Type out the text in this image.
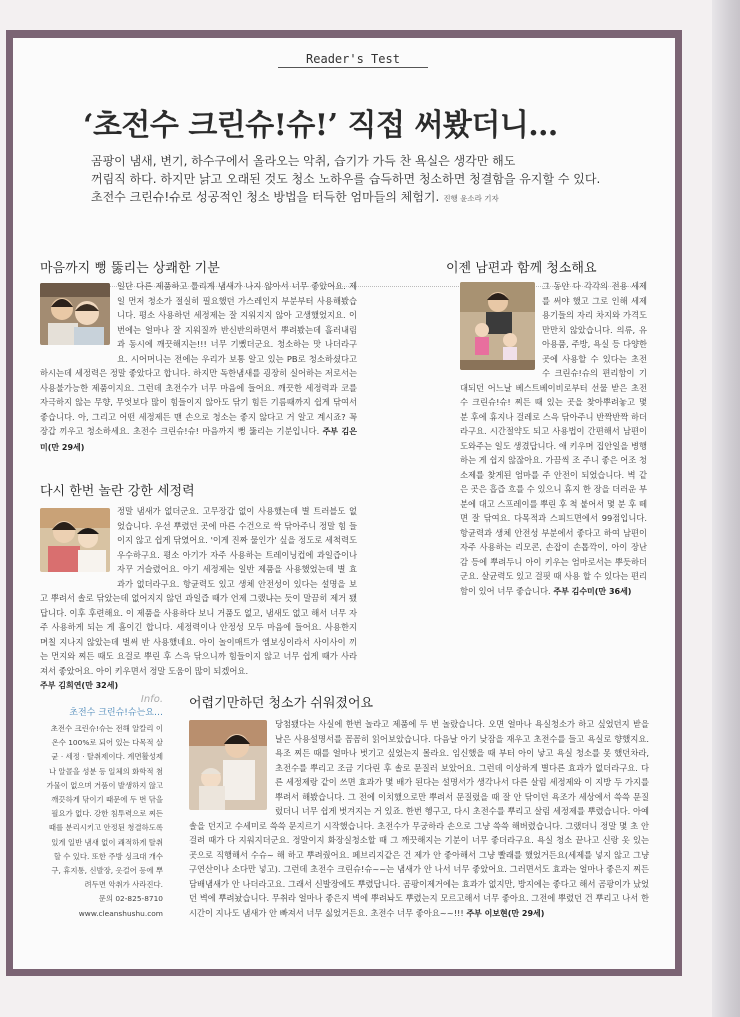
Reader's Test
‘초전수 크린슈!슈!’ 직접 써봤더니…
곰팡이 냄새, 변기, 하수구에서 올라오는 악취, 습기가 가득 찬 욕실은 생각만 해도
꺼림직 하다. 하지만 낡고 오래된 것도 청소 노하우를 습득하면 청소하면 청결함을 유지할 수 있다.
초전수 크린슈!슈로 성공적인 청소 방법을 터득한 엄마들의 체험기. 진행 윤소라 기자
마음까지 뻥 뚫리는 상쾌한 기분
일단 다른 제품하고 틀리게 냄새가 나지 않아서 너무 좋았어요. 제일 먼저 청소가 절실히 필요했던 가스레인지 부분부터 사용해봤습니다. 평소 사용하던 세정제는 잘 지워지지 않아 고생했었지요. 이번에는 얼마나 잘 지워질까 반신반의하면서 뿌려봤는데 흘러내림과 동시에 깨끗해지는!!! 너무 기뻤더군요. 청소하는 맛 나더라구요. 시어머니는 전에는 우리가 보통 알고 있는 PB로 청소하셨다고 하시는데 세정력은 정말 좋았다고 합니다. 하지만 독한냄새를 굉장히 실어하는 저로서는 사용불가능한 제품이지요. 그런데 초전수가 너무 마음에 들어요. 깨끗한 세정력과 코를 자극하지 않는 무향, 무엇보다 많이 힘들이지 않아도 닦기 힘든 기름때까지 쉽게 닦여서 좋습니다. 아, 그리고 어떤 세정제든 맨 손으로 청소는 좋지 않다고 거 알고 계시죠? 꼭 장갑 끼우고 청소하세요. 초전수 크린슈!슈! 마음까지 뻥 뚫리는 기분입니다. 주부 김은미(만 29세)
다시 한번 놀란 강한 세정력
정말 냄새가 없더군요. 고무장갑 없이 사용했는데 별 트러블도 없었습니다. 우선 뿌렸던 곳에 마른 수건으로 싹 닦아주니 정말 힘 들이지 않고 쉽게 닦였어요. '이게 진짜 물인가' 싶을 정도로 세척력도 우수하구요. 평소 아기가 자주 사용하는 트레이닝컵에 과일즙이나 자꾸 거슬렸어요. 아기 세정제는 일반 제품을 사용했었는데 별 효과가 없더라구요. 항균력도 있고 생체 안전성이 있다는 설명을 보고 뿌려서 솔로 닦았는데 없어지지 않던 과일즙 때가 언제 그랬냐는 듯이 말끔히 제거 됐답니다. 이후 후련해요. 이 제품을 사용하다 보니 거품도 없고, 냄새도 없고 해서 너무 자주 사용하게 되는 게 흠이긴 합니다. 세정력이나 안정성 모두 마음에 들어요. 사용한지 며칠 지나지 않았는데 벌써 반 사용했네요. 아이 놀이매트가 엠보싱이라서 사이사이 끼는 먼지와 찌든 때도 요걸로 뿌린 후 스윽 닦으니까 힘들이지 않고 너무 쉽게 때가 사라져서 좋았어요. 아이 키우면서 정말 도움이 많이 되겠어요.
주부 김희연(만 32세)
이젠 남편과 함께 청소해요
그 동안 다 각각의 전용 세제를 써야 했고 그로 인해 세제용기들의 자리 차지와 가격도 만만치 않았습니다. 의류, 유아용품, 주방, 욕실 등 다양한 곳에 사용할 수 있다는 초전수 크린슈!슈의 편리함이 기대되던 어느날 베스트베이비로부터 선물 받은 초전수 크린슈!슈! 찌든 때 있는 곳을 찾아뿌려놓고 몇 분 후에 휴지나 걸레로 스윽 닦아주니 반짝반짝 하더라구요. 시간절약도 되고 사용법이 간편해서 남편이 도와주는 일도 생겼답니다. 애 키우며 집안일을 병행하는 게 쉽지 않잖아요. 가끔씩 조 주니 좋은 어조 청소제를 찾게된 엄마를 주 안전이 되었습니다. 벽 같은 곳은 흡즙 흐를 수 있으니 휴지 한 장을 더러운 부분에 대고 스프레이를 뿌린 후 척 붙어서 몇 분 후 떼면 잘 닦여요. 다목적과 스피드면에서 99점입니다. 항균력과 생체 안전성 부분에서 좋다고 하여 남편이 자주 사용하는 리모콘, 손잡이 손톱깍이, 아이 장난감 등에 뿌려두니 아이 키우는 엄마로서는 뿌듯하더군요. 살균력도 있고 걸핏 때 사용 할 수 있다는 편리함이 있어 너무 좋습니다. 주부 김수미(만 36세)
Info.
초전수 크린슈!슈는요…
초전수 크린슈!슈는 전해 알칼리 이온수 100%로 되어 있는 다목적 살균 · 세정 · 탈취제이다. 계면활성제나 알콜을 성분 등 일체의 화학적 첨가물이 없으며 거품이 발생하지 않고 깨끗하게 닦이기 때문에 두 번 닦을 필요가 없다. 강한 침투력으로 찌든 때를 분리시키고 안정된 청결하도록 있게 일반 냄새 없이 쾌적하게 탈취할 수 있다. 또한 주방 싱크대 개수구, 휴지통, 신발장, 옷걸어 등에 뿌려두면 악취가 사라진다.
문의 02-825-8710
www.cleanshushu.com
어렵기만하던 청소가 쉬워졌어요
당첨됐다는 사실에 한번 놀라고 제품에 두 번 놀랐습니다. 오면 얼마나 욕실청소가 하고 싶었던지 받을 날은 사용설명서를 꼼꼼히 읽어보았습니다. 다음날 아기 낮잠을 재우고 초전수를 들고 욕실로 향했지요. 욕조 찌든 때를 얼마나 벗기고 싶었는지 몰라요. 임신했을 때 부터 아이 낳고 욕실 청소를 못 했던차라, 초전수를 뿌리고 조금 기다린 후 솔로 문질러 보았어요. 그런데 이상하게 별다른 효과가 없더라구요. 다른 세정제랑 같이 쓰면 효과가 몇 배가 된다는 설명서가 생각나서 다른 살림 세정제와 이 지방 두 가지를 뿌려서 해봤습니다. 그 전에 이치했으로만 뿌려서 문질렀을 때 잘 안 닦이던 욕조가 세상에서 쓱쓱 문질렀더니 너무 쉽게 벗겨지는 거 있죠. 한번 헹구고, 다시 초전수를 뿌리고 살림 세정제를 뿌렸습니다. 아예 솔을 던지고 수세미로 쓱쓱 문지르기 시작했습니다. 초전수가 무궁하라 손으로 그냥 쓱쓱 해버렸습니다. 그랬더니 정말 몇 초 안 걸려 때가 다 지워지더군요. 정말이지 화장실청소할 때 그 깨끗해지는 기분이 너무 좋더라구요. 욕실 청소 끝나고 신랑 옷 있는 곳으로 직행해서 수슈~ 해 하고 뿌려줬어요. 페브리지같은 건 제가 안 좋아해서 그냥 빨래를 했었거든요(세제를 넣지 않고 그냥 구연산이나 소다만 넣고). 그런데 초전수 크린슈!슈~~는 냄새가 안 나서 너무 좋았어요. 그러면서도 효과는 얼마나 좋은지 찌든 담배냄새가 안 나더라고요. 그래서 신발장에도 뿌렸답니다. 곰팡이제거에는 효과가 없지만, 방지에는 좋다고 해서 곰팡이가 났었던 벽에 뿌려놨습니다. 무취라 얼마나 좋은지 벽에 뿌려놔도 뿌렸는지 모르고해서 너무 좋아요. 그전에 뿌렸던 건 뿌리고 나서 한 시간이 지나도 냄새가 안 빠져서 너무 싫었거든요. 초전수 너무 좋아요~~!!! 주부 이보현(만 29세)
